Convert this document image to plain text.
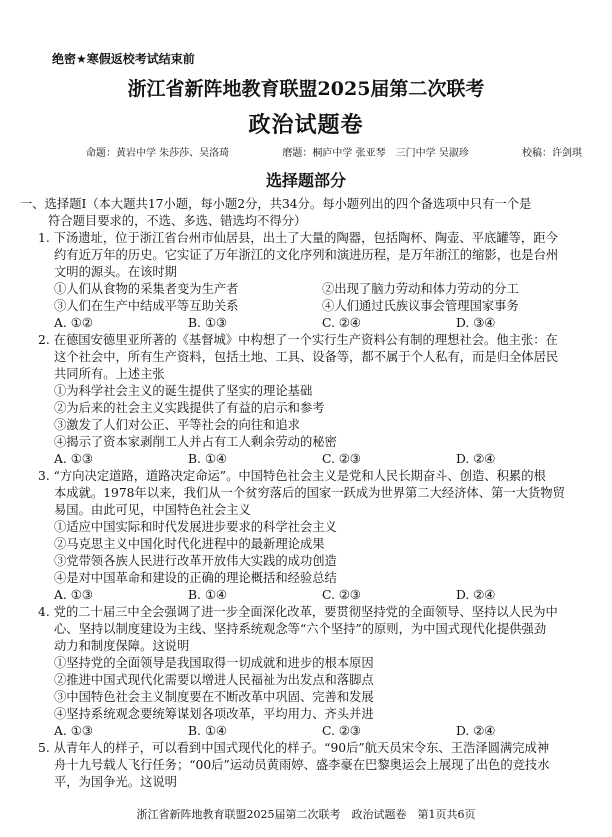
绝密★寒假返校考试结束前
浙江省新阵地教育联盟2025届第二次联考
政治试题卷
命题：黄岩中学 朱莎莎、吴洛琦	磨题：桐庐中学 张亚琴　三门中学 吴淑珍	校稿：许剑琪
选择题部分
一、选择题Ⅰ（本大题共17小题，每小题2分，共34分。每小题列出的四个备选项中只有一个是
符合题目要求的，不选、多选、错选均不得分）
1. 下汤遗址，位于浙江省台州市仙居县，出土了大量的陶器，包括陶杯、陶壶、平底罐等，距今
约有近万年的历史。它实证了万年浙江的文化序列和演进历程，是万年浙江的缩影，也是台州
文明的源头。在该时期
①人们从食物的采集者变为生产者	②出现了脑力劳动和体力劳动的分工
③人们在生产中结成平等互助关系	④人们通过氏族议事会管理国家事务
A. ①②	B. ①③	C. ②④	D. ③④
2. 在德国安德里亚所著的《基督城》中构想了一个实行生产资料公有制的理想社会。他主张：在
这个社会中，所有生产资料，包括土地、工具、设备等，都不属于个人私有，而是归全体居民
共同所有。上述主张
①为科学社会主义的诞生提供了坚实的理论基础
②为后来的社会主义实践提供了有益的启示和参考
③激发了人们对公正、平等社会的向往和追求
④揭示了资本家剥削工人并占有工人剩余劳动的秘密
A. ①③	B. ①④	C. ②③	D. ②④
3. “方向决定道路，道路决定命运”。中国特色社会主义是党和人民长期奋斗、创造、积累的根
本成就。1978年以来，我们从一个贫穷落后的国家一跃成为世界第二大经济体、第一大货物贸
易国。由此可见，中国特色社会主义
①适应中国实际和时代发展进步要求的科学社会主义
②马克思主义中国化时代化进程中的最新理论成果
③党带领各族人民进行改革开放伟大实践的成功创造
④是对中国革命和建设的正确的理论概括和经验总结
A. ①③	B. ①④	C. ②③	D. ②④
4. 党的二十届三中全会强调了进一步全面深化改革，要贯彻坚持党的全面领导、坚持以人民为中
心、坚持以制度建设为主线、坚持系统观念等“六个坚持”的原则，为中国式现代化提供强劲
动力和制度保障。这说明
①坚持党的全面领导是我国取得一切成就和进步的根本原因
②推进中国式现代化需要以增进人民福祉为出发点和落脚点
③中国特色社会主义制度要在不断改革中巩固、完善和发展
④坚持系统观念要统筹谋划各项改革，平均用力、齐头并进
A. ①③	B. ①④	C. ②③	D. ②④
5. 从青年人的样子，可以看到中国式现代化的样子。“90后”航天员宋令东、王浩泽圆满完成神
舟十九号载人飞行任务；“00后”运动员黄雨婷、盛李豪在巴黎奥运会上展现了出色的竞技水
平，为国争光。这说明
浙江省新阵地教育联盟2025届第二次联考　政治试题卷　第1页共6页
